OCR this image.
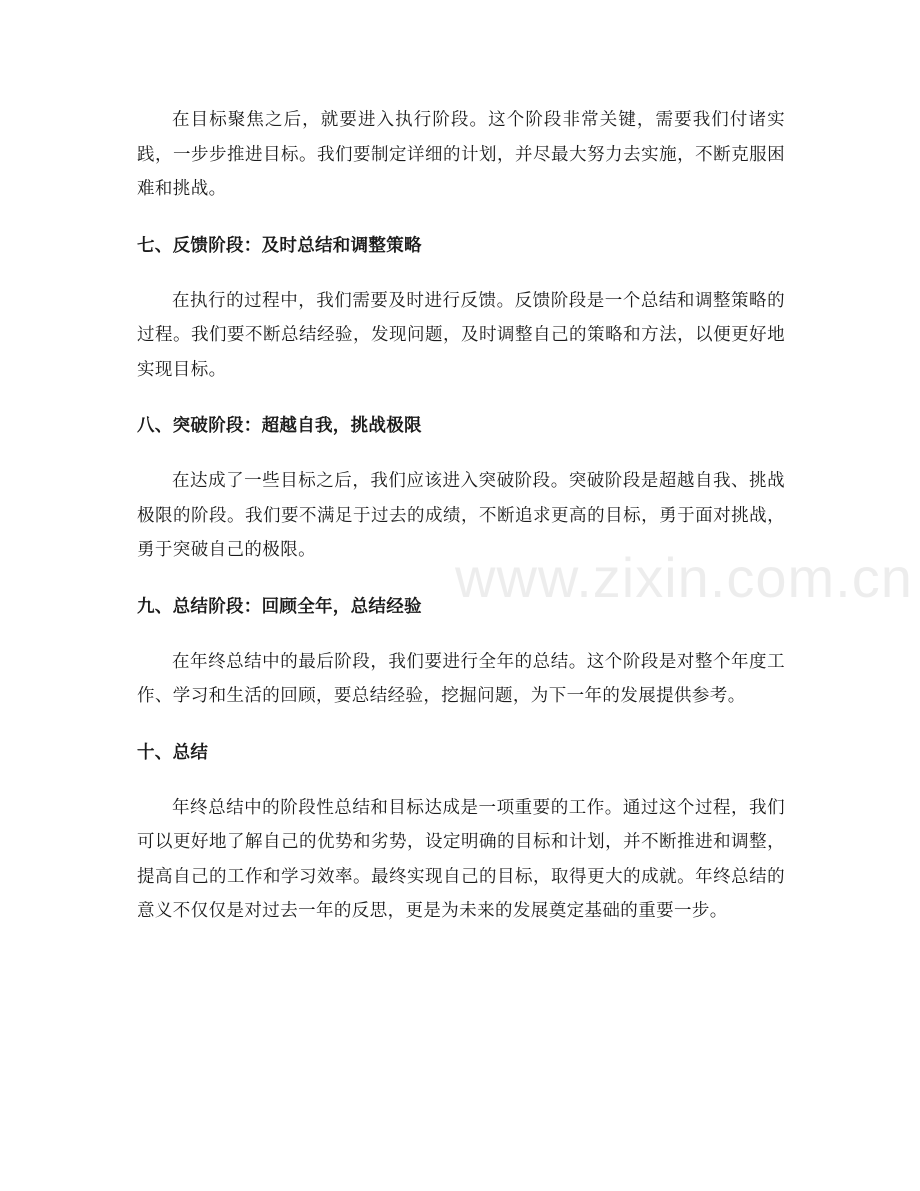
在目标聚焦之后，就要进入执行阶段。这个阶段非常关键，需要我们付诸实践，一步步推进目标。我们要制定详细的计划，并尽最大努力去实施，不断克服困难和挑战。

七、反馈阶段：及时总结和调整策略

在执行的过程中，我们需要及时进行反馈。反馈阶段是一个总结和调整策略的过程。我们要不断总结经验，发现问题，及时调整自己的策略和方法，以便更好地实现目标。

八、突破阶段：超越自我，挑战极限

在达成了一些目标之后，我们应该进入突破阶段。突破阶段是超越自我、挑战极限的阶段。我们要不满足于过去的成绩，不断追求更高的目标，勇于面对挑战，勇于突破自己的极限。

九、总结阶段：回顾全年，总结经验

在年终总结中的最后阶段，我们要进行全年的总结。这个阶段是对整个年度工作、学习和生活的回顾，要总结经验，挖掘问题，为下一年的发展提供参考。

十、总结

年终总结中的阶段性总结和目标达成是一项重要的工作。通过这个过程，我们可以更好地了解自己的优势和劣势，设定明确的目标和计划，并不断推进和调整，提高自己的工作和学习效率。最终实现自己的目标，取得更大的成就。年终总结的意义不仅仅是对过去一年的反思，更是为未来的发展奠定基础的重要一步。

www.zixin.com.cn
